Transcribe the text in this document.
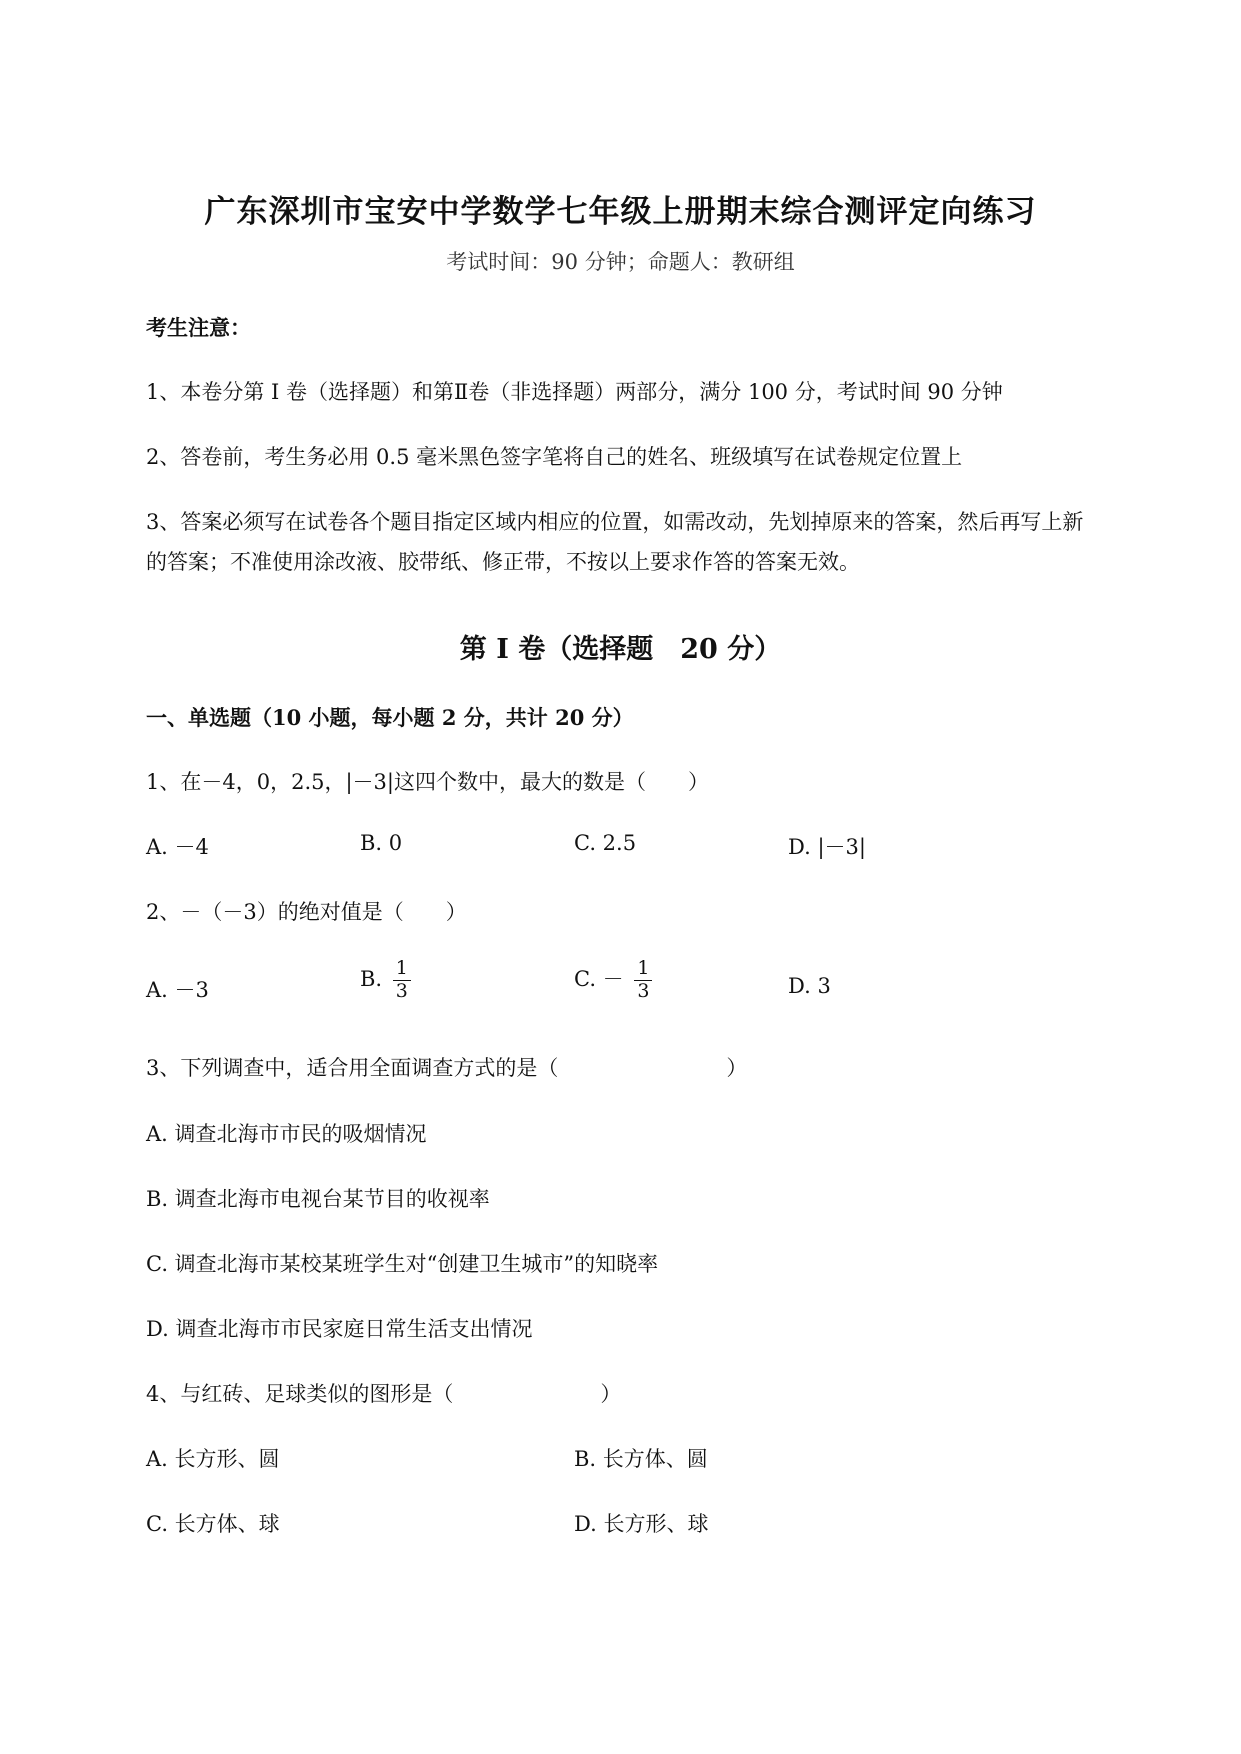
广东深圳市宝安中学数学七年级上册期末综合测评定向练习
考试时间：90 分钟；命题人：教研组
考生注意：
1、本卷分第 I 卷（选择题）和第Ⅱ卷（非选择题）两部分，满分 100 分，考试时间 90 分钟
2、答卷前，考生务必用 0.5 毫米黑色签字笔将自己的姓名、班级填写在试卷规定位置上
3、答案必须写在试卷各个题目指定区域内相应的位置，如需改动，先划掉原来的答案，然后再写上新
的答案；不准使用涂改液、胶带纸、修正带，不按以上要求作答的答案无效。
第 I 卷（选择题　20 分）
一、单选题（10 小题，每小题 2 分，共计 20 分）
1、在－4，0，2.5，|－3|这四个数中，最大的数是（　　）
A. －4	B. 0	C. 2.5	D. |－3|
2、－（－3）的绝对值是（　　）
A. －3	B. $\frac{1}{3}$	C. － $\frac{1}{3}$	D. 3
3、下列调查中，适合用全面调查方式的是（　　　　　　　　）
A. 调查北海市市民的吸烟情况
B. 调查北海市电视台某节目的收视率
C. 调查北海市某校某班学生对“创建卫生城市”的知晓率
D. 调查北海市市民家庭日常生活支出情况
4、与红砖、足球类似的图形是（　　　　　　　）
A. 长方形、圆	B. 长方体、圆
C. 长方体、球	D. 长方形、球
